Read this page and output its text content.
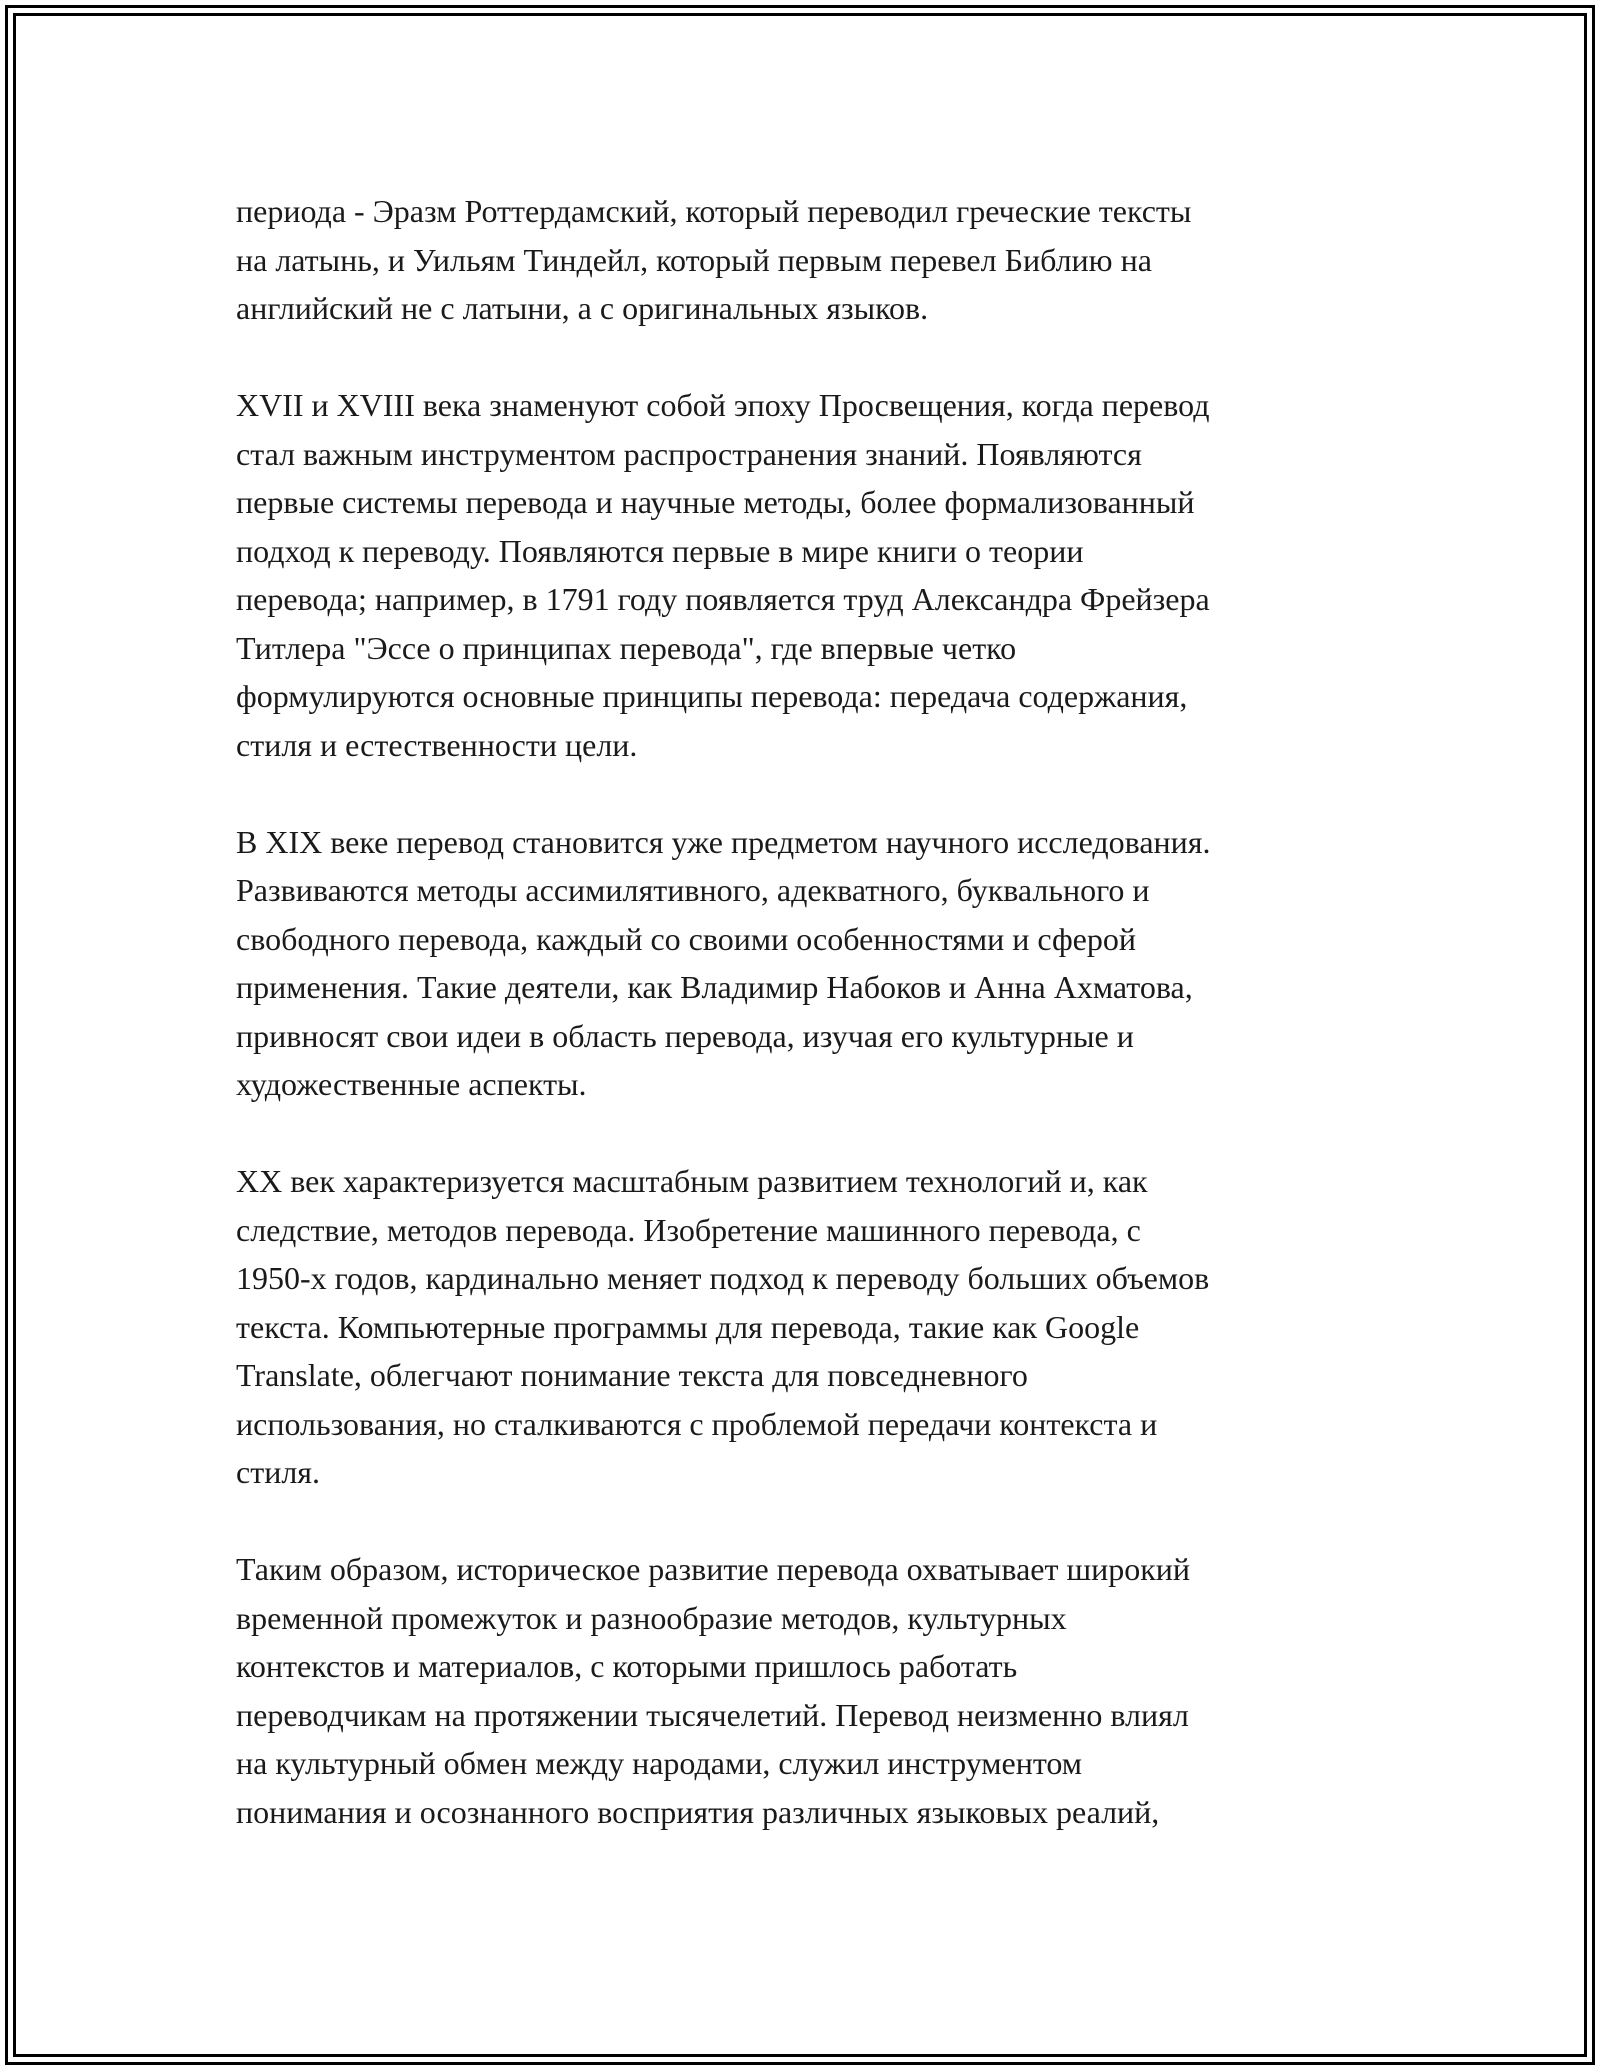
периода - Эразм Роттердамский, который переводил греческие тексты
на латынь, и Уильям Тиндейл, который первым перевел Библию на
английский не с латыни, а с оригинальных языков.

XVII и XVIII века знаменуют собой эпоху Просвещения, когда перевод
стал важным инструментом распространения знаний. Появляются
первые системы перевода и научные методы, более формализованный
подход к переводу. Появляются первые в мире книги о теории
перевода; например, в 1791 году появляется труд Александра Фрейзера
Титлера "Эссе о принципах перевода", где впервые четко
формулируются основные принципы перевода: передача содержания,
стиля и естественности цели.

В XIX веке перевод становится уже предметом научного исследования.
Развиваются методы ассимилятивного, адекватного, буквального и
свободного перевода, каждый со своими особенностями и сферой
применения. Такие деятели, как Владимир Набоков и Анна Ахматова,
привносят свои идеи в область перевода, изучая его культурные и
художественные аспекты.

XX век характеризуется масштабным развитием технологий и, как
следствие, методов перевода. Изобретение машинного перевода, с
1950-х годов, кардинально меняет подход к переводу больших объемов
текста. Компьютерные программы для перевода, такие как Google
Translate, облегчают понимание текста для повседневного
использования, но сталкиваются с проблемой передачи контекста и
стиля.

Таким образом, историческое развитие перевода охватывает широкий
временной промежуток и разнообразие методов, культурных
контекстов и материалов, с которыми пришлось работать
переводчикам на протяжении тысячелетий. Перевод неизменно влиял
на культурный обмен между народами, служил инструментом
понимания и осознанного восприятия различных языковых реалий,
